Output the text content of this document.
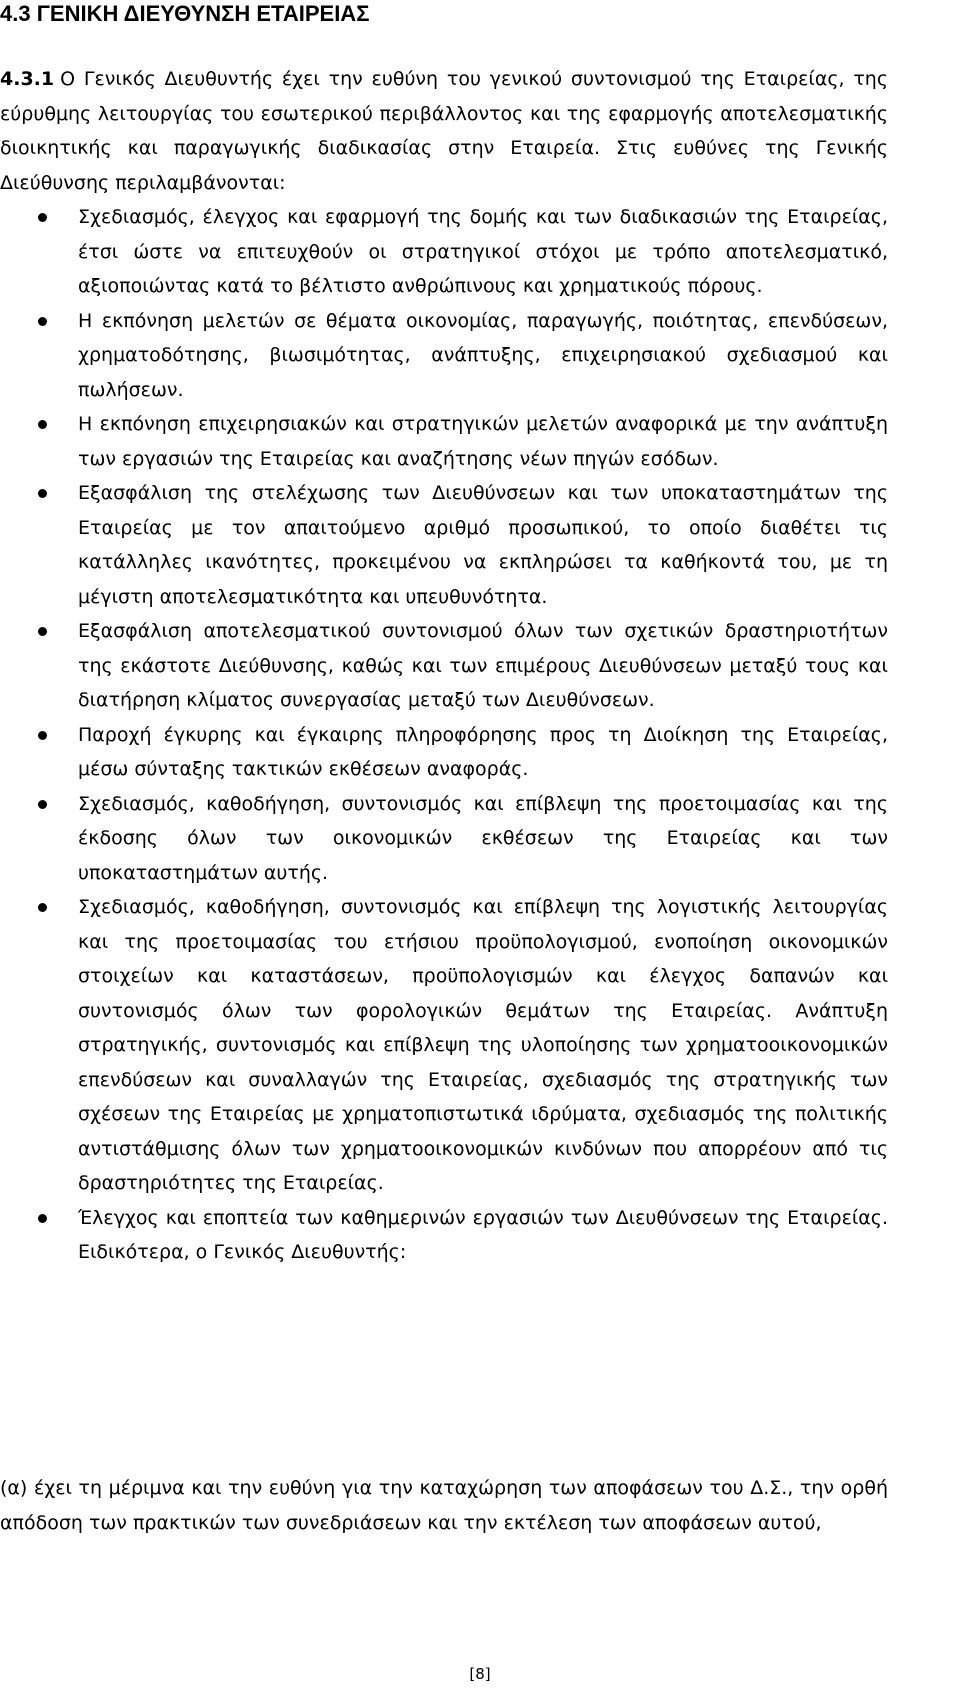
4.3 ΓΕΝΙΚΗ ΔΙΕΥΘΥΝΣΗ ΕΤΑΙΡΕΙΑΣ

4.3.1 Ο Γενικός Διευθυντής έχει την ευθύνη του γενικού συντονισμού της Εταιρείας, της εύρυθμης λειτουργίας του εσωτερικού περιβάλλοντος και της εφαρμογής αποτελεσματικής διοικητικής και παραγωγικής διαδικασίας στην Εταιρεία. Στις ευθύνες της Γενικής Διεύθυνσης περιλαμβάνονται:

Σχεδιασμός, έλεγχος και εφαρμογή της δομής και των διαδικασιών της Εταιρείας, έτσι ώστε να επιτευχθούν οι στρατηγικοί στόχοι με τρόπο αποτελεσματικό, αξιοποιώντας κατά το βέλτιστο ανθρώπινους και χρηματικούς πόρους.
Η εκπόνηση μελετών σε θέματα οικονομίας, παραγωγής, ποιότητας, επενδύσεων, χρηματοδότησης, βιωσιμότητας, ανάπτυξης, επιχειρησιακού σχεδιασμού και πωλήσεων.
Η εκπόνηση επιχειρησιακών και στρατηγικών μελετών αναφορικά με την ανάπτυξη των εργασιών της Εταιρείας και αναζήτησης νέων πηγών εσόδων.
Εξασφάλιση της στελέχωσης των Διευθύνσεων και των υποκαταστημάτων της Εταιρείας με τον απαιτούμενο αριθμό προσωπικού, το οποίο διαθέτει τις κατάλληλες ικανότητες, προκειμένου να εκπληρώσει τα καθήκοντά του, με τη μέγιστη αποτελεσματικότητα και υπευθυνότητα.
Εξασφάλιση αποτελεσματικού συντονισμού όλων των σχετικών δραστηριοτήτων της εκάστοτε Διεύθυνσης, καθώς και των επιμέρους Διευθύνσεων μεταξύ τους και διατήρηση κλίματος συνεργασίας μεταξύ των Διευθύνσεων.
Παροχή έγκυρης και έγκαιρης πληροφόρησης προς τη Διοίκηση της Εταιρείας, μέσω σύνταξης τακτικών εκθέσεων αναφοράς.
Σχεδιασμός, καθοδήγηση, συντονισμός και επίβλεψη της προετοιμασίας και της έκδοσης όλων των οικονομικών εκθέσεων της Εταιρείας και των υποκαταστημάτων αυτής.
Σχεδιασμός, καθοδήγηση, συντονισμός και επίβλεψη της λογιστικής λειτουργίας και της προετοιμασίας του ετήσιου προϋπολογισμού, ενοποίηση οικονομικών στοιχείων και καταστάσεων, προϋπολογισμών και έλεγχος δαπανών και συντονισμός όλων των φορολογικών θεμάτων της Εταιρείας. Ανάπτυξη στρατηγικής, συντονισμός και επίβλεψη της υλοποίησης των χρηματοοικονομικών επενδύσεων και συναλλαγών της Εταιρείας, σχεδιασμός της στρατηγικής των σχέσεων της Εταιρείας με χρηματοπιστωτικά ιδρύματα, σχεδιασμός της πολιτικής αντιστάθμισης όλων των χρηματοοικονομικών κινδύνων που απορρέουν από τις δραστηριότητες της Εταιρείας.
Έλεγχος και εποπτεία των καθημερινών εργασιών των Διευθύνσεων της Εταιρείας. Ειδικότερα, ο Γενικός Διευθυντής:

(α) έχει τη μέριμνα και την ευθύνη για την καταχώρηση των αποφάσεων του Δ.Σ., την ορθή απόδοση των πρακτικών των συνεδριάσεων και την εκτέλεση των αποφάσεων αυτού,

[8]
